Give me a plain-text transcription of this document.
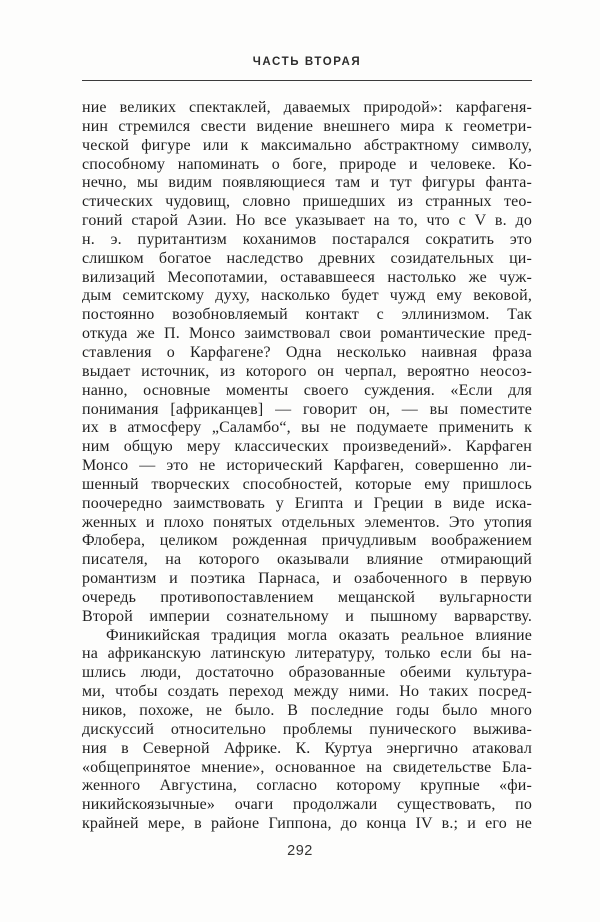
ЧАСТЬ ВТОРАЯ
ние великих спектаклей, даваемых природой»: карфагеня-
нин стремился свести видение внешнего мира к геометри-
ческой фигуре или к максимально абстрактному символу,
способному напоминать о боге, природе и человеке. Ко-
нечно, мы видим появляющиеся там и тут фигуры фанта-
стических чудовищ, словно пришедших из странных тео-
гоний старой Азии. Но все указывает на то, что с V в. до
н. э. пуритантизм коханимов постарался сократить это
слишком богатое наследство древних созидательных ци-
вилизаций Месопотамии, остававшееся настолько же чуж-
дым семитскому духу, насколько будет чужд ему вековой,
постоянно возобновляемый контакт с эллинизмом. Так
откуда же П. Монсо заимствовал свои романтические пред-
ставления о Карфагене? Одна несколько наивная фраза
выдает источник, из которого он черпал, вероятно неосоз-
нанно, основные моменты своего суждения. «Если для
понимания [африканцев] — говорит он, — вы поместите
их в атмосферу „Саламбо“, вы не подумаете применить к
ним общую меру классических произведений». Карфаген
Монсо — это не исторический Карфаген, совершенно ли-
шенный творческих способностей, которые ему пришлось
поочередно заимствовать у Египта и Греции в виде иска-
женных и плохо понятых отдельных элементов. Это утопия
Флобера, целиком рожденная причудливым воображением
писателя, на которого оказывали влияние отмирающий
романтизм и поэтика Парнаса, и озабоченного в первую
очередь противопоставлением мещанской вульгарности
Второй империи сознательному и пышному варварству.
Финикийская традиция могла оказать реальное влияние
на африканскую латинскую литературу, только если бы на-
шлись люди, достаточно образованные обеими культура-
ми, чтобы создать переход между ними. Но таких посред-
ников, похоже, не было. В последние годы было много
дискуссий относительно проблемы пунического выжива-
ния в Северной Африке. К. Куртуа энергично атаковал
«общепринятое мнение», основанное на свидетельстве Бла-
женного Августина, согласно которому крупные «фи-
никийскоязычные» очаги продолжали существовать, по
крайней мере, в районе Гиппона, до конца IV в.; и его не
292
